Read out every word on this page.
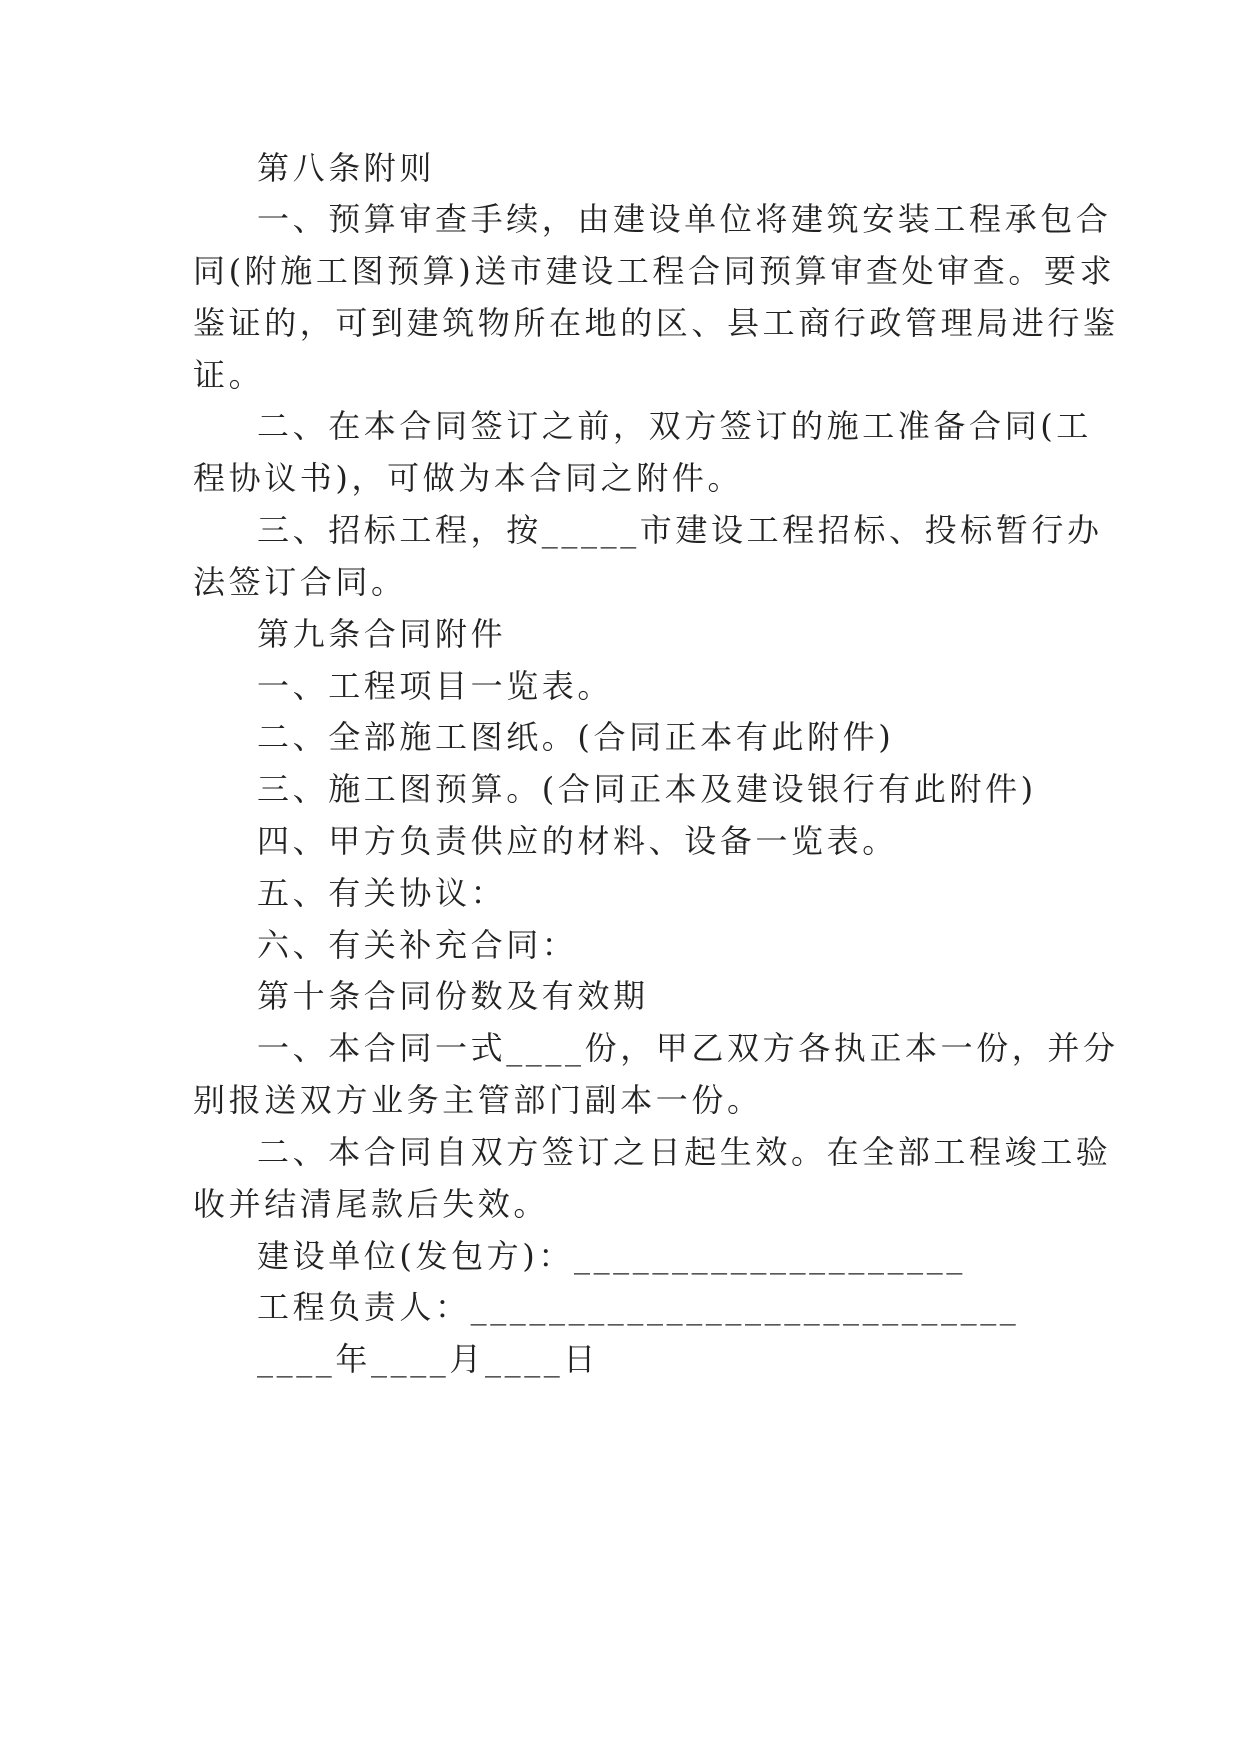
第八条附则
一、预算审查手续，由建设单位将建筑安装工程承包合
同(附施工图预算)送市建设工程合同预算审查处审查。要求
鉴证的，可到建筑物所在地的区、县工商行政管理局进行鉴
证。
二、在本合同签订之前，双方签订的施工准备合同(工
程协议书)，可做为本合同之附件。
三、招标工程，按_____市建设工程招标、投标暂行办
法签订合同。
第九条合同附件
一、工程项目一览表。
二、全部施工图纸。(合同正本有此附件)
三、施工图预算。(合同正本及建设银行有此附件)
四、甲方负责供应的材料、设备一览表。
五、有关协议：
六、有关补充合同：
第十条合同份数及有效期
一、本合同一式____份，甲乙双方各执正本一份，并分
别报送双方业务主管部门副本一份。
二、本合同自双方签订之日起生效。在全部工程竣工验
收并结清尾款后失效。
建设单位(发包方)：____________________
工程负责人：____________________________
____年____月____日
